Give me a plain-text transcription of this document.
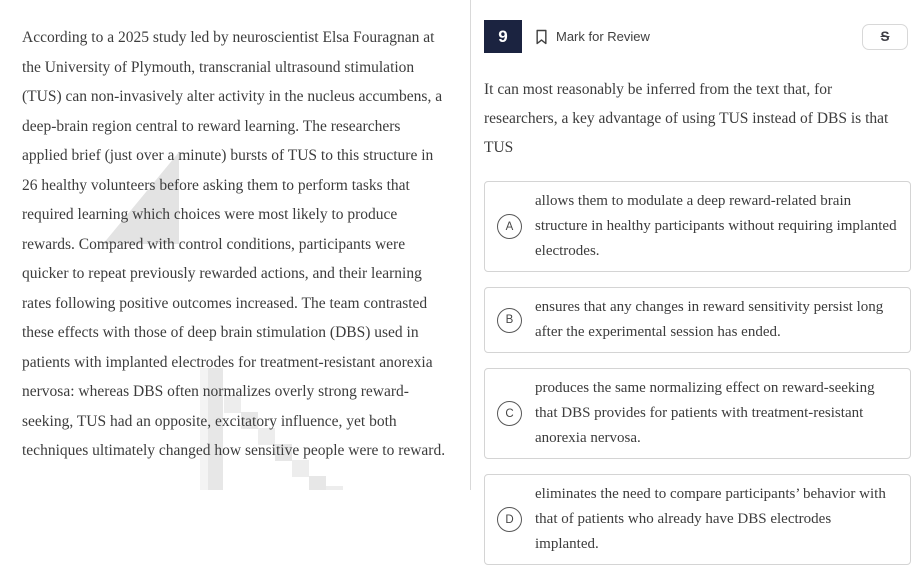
According to a 2025 study led by neuroscientist Elsa Fouragnan at the University of Plymouth, transcranial ultrasound stimulation (TUS) can non-invasively alter activity in the nucleus accumbens, a deep-brain region central to reward learning. The researchers applied brief (just over a minute) bursts of TUS to this structure in 26 healthy volunteers before asking them to perform tasks that required learning which choices were most likely to produce rewards. Compared with control conditions, participants were quicker to repeat previously rewarded actions, and their learning rates following positive outcomes increased. The team contrasted these effects with those of deep brain stimulation (DBS) used in patients with implanted electrodes for treatment-resistant anorexia nervosa: whereas DBS often normalizes overly strong reward-seeking, TUS had an opposite, excitatory influence, yet both techniques ultimately changed how sensitive people were to reward.

9	Mark for Review	S

It can most reasonably be inferred from the text that, for researchers, a key advantage of using TUS instead of DBS is that TUS

A
allows them to modulate a deep reward-related brain structure in healthy participants without requiring implanted electrodes.
B
ensures that any changes in reward sensitivity persist long after the experimental session has ended.
C
produces the same normalizing effect on reward-seeking that DBS provides for patients with treatment-resistant anorexia nervosa.
D
eliminates the need to compare participants’ behavior with that of patients who already have DBS electrodes implanted.
